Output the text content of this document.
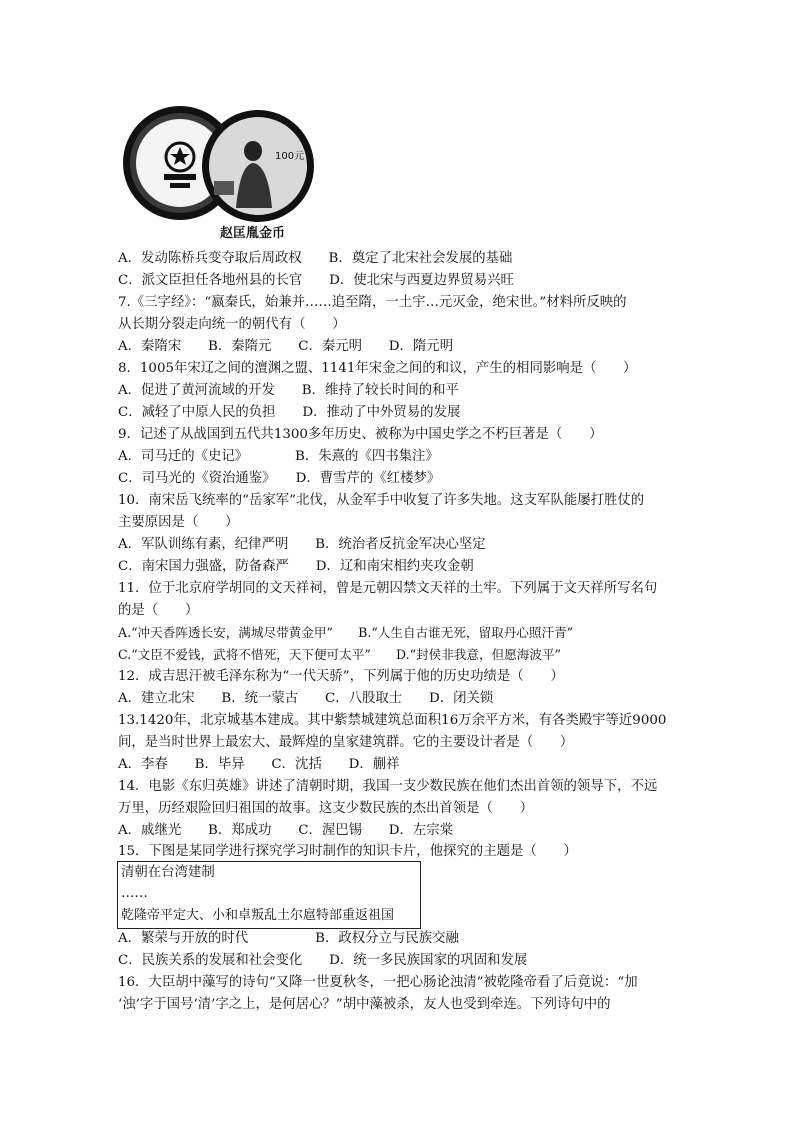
100元
赵匡胤金币
A．发动陈桥兵变夺取后周政权　　B．奠定了北宋社会发展的基础
C．派文臣担任各地州县的长官　　D．使北宋与西夏边界贸易兴旺
7.《三字经》：“嬴秦氏，始兼并……追至隋，一土宇…元灭金，绝宋世。”材料所反映的
从长期分裂走向统一的朝代有（　　）
A．秦隋宋　　B．秦隋元　　C．秦元明　　D．隋元明
8．1005年宋辽之间的澶渊之盟、1141年宋金之间的和议，产生的相同影响是（　　）
A．促进了黄河流域的开发　　B．维持了较长时间的和平
C．减轻了中原人民的负担　　D．推动了中外贸易的发展
9．记述了从战国到五代共1300多年历史、被称为中国史学之不朽巨著是（　　）
A．司马迁的《史记》　　　　B．朱熹的《四书集注》
C．司马光的《资治通鉴》　　D．曹雪芹的《红楼梦》
10．南宋岳飞统率的“岳家军”北伐，从金军手中收复了许多失地。这支军队能屡打胜仗的
主要原因是（　　）
A．军队训练有素，纪律严明　　B．统治者反抗金军决心坚定
C．南宋国力强盛，防备森严　　D．辽和南宋相约夹攻金朝
11．位于北京府学胡同的文天祥祠，曾是元朝囚禁文天祥的土牢。下列属于文天祥所写名句
的是（　　）
A.“冲天香阵透长安，满城尽带黄金甲”　　B.“人生自古谁无死，留取丹心照汗青”
C.“文臣不爱钱，武将不惜死，天下便可太平”　　D.“封侯非我意，但愿海波平”
12．成吉思汗被毛泽东称为“一代天骄”，下列属于他的历史功绩是（　　）
A．建立北宋　　B．统一蒙古　　C．八股取士　　D．闭关锁
13.1420年，北京城基本建成。其中紫禁城建筑总面积16万余平方米，有各类殿宇等近9000
间，是当时世界上最宏大、最辉煌的皇家建筑群。它的主要设计者是（　　）
A．李春　　B．毕异　　C．沈括　　D．蒯祥
14．电影《东归英雄》讲述了清朝时期，我国一支少数民族在他们杰出首领的领导下，不远
万里，历经艰险回归祖国的故事。这支少数民族的杰出首领是（　　）
A．戚继光　　B．郑成功　　C．渥巴锡　　D．左宗棠
15．下图是某同学进行探究学习时制作的知识卡片，他探究的主题是（　　）
清朝在台湾建制
……
乾隆帝平定大、小和卓叛乱土尔扈特部重返祖国
A．繁荣与开放的时代　　　　　B．政权分立与民族交融
C．民族关系的发展和社会变化　　D．统一多民族国家的巩固和发展
16．大臣胡中藻写的诗句“又降一世夏秋冬，一把心肠论浊清”被乾隆帝看了后竟说：“加
‘浊’字于国号‘清’字之上，是何居心？”胡中藻被杀，友人也受到牵连。下列诗句中的
